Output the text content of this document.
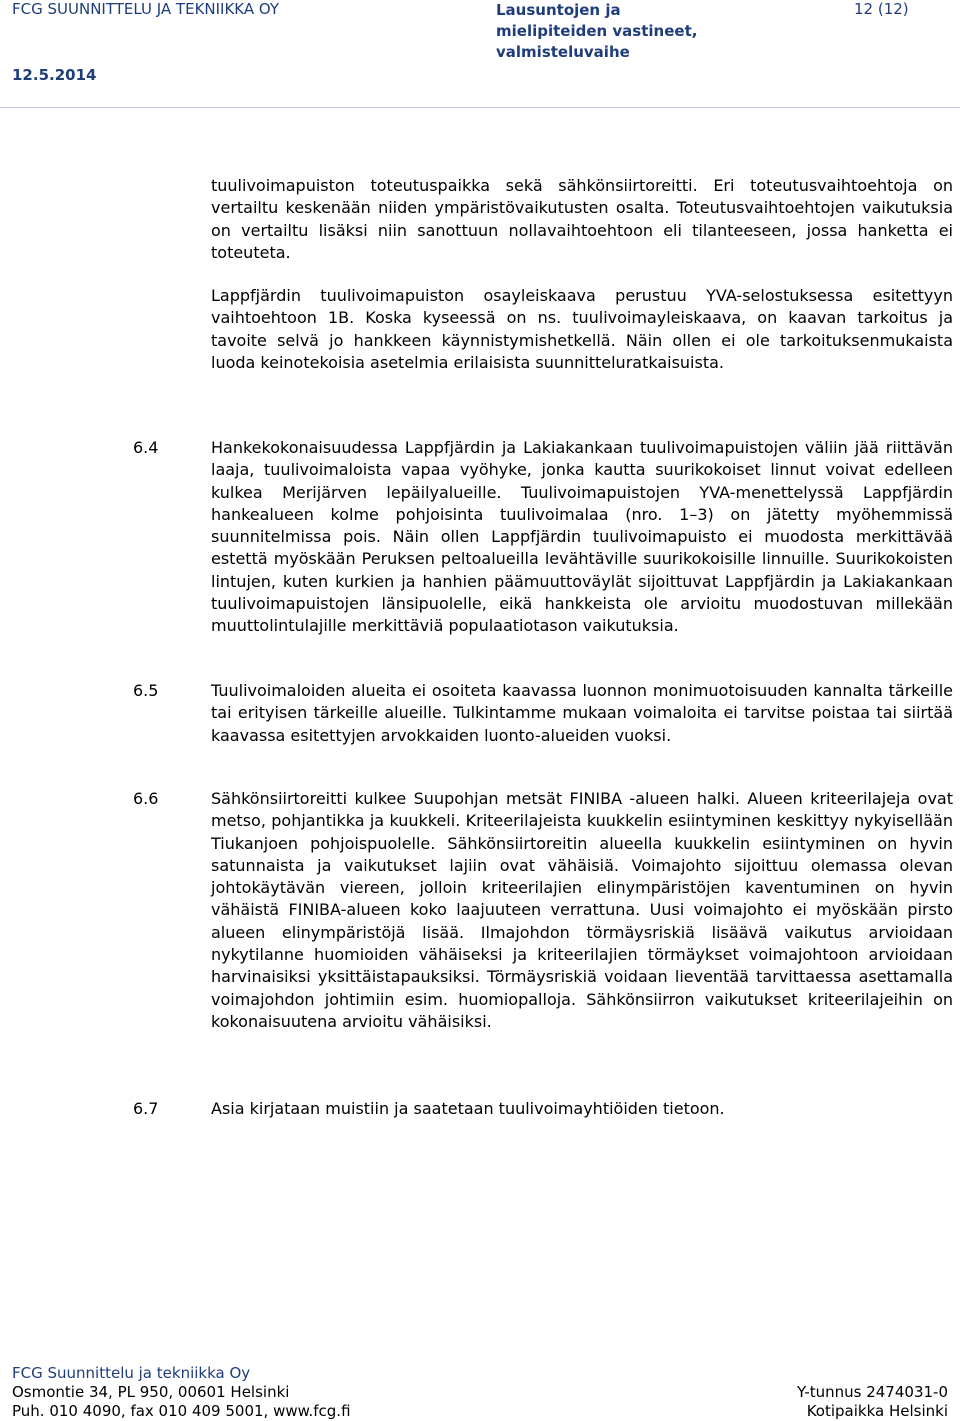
FCG SUUNNITTELU JA TEKNIIKKA OY	Lausuntojen ja
mielipiteiden vastineet,
valmisteluvaihe
12 (12)
12.5.2014
tuulivoimapuiston toteutuspaikka sekä sähkönsiirtoreitti. Eri toteutusvaihtoehtoja on vertailtu keskenään niiden ympäristövaikutusten osalta. Toteutusvaihtoehtojen vaikutuksia on vertailtu lisäksi niin sanottuun nollavaihtoehtoon eli tilanteeseen, jossa hanketta ei toteuteta.
Lappfjärdin tuulivoimapuiston osayleiskaava perustuu YVA-selostuksessa esitettyyn vaihtoehtoon 1B. Koska kyseessä on ns. tuulivoimayleiskaava, on kaavan tarkoitus ja tavoite selvä jo hankkeen käynnistymishetkellä. Näin ollen ei ole tarkoituksenmukaista luoda keinotekoisia asetelmia erilaisista suunnitteluratkaisuista.
6.4	Hankekokonaisuudessa Lappfjärdin ja Lakiakankaan tuulivoimapuistojen väliin jää riittävän laaja, tuulivoimaloista vapaa vyöhyke, jonka kautta suurikokoiset linnut voivat edelleen kulkea Merijärven lepäilyalueille. Tuulivoimapuistojen YVA-menettelyssä Lappfjärdin hankealueen kolme pohjoisinta tuulivoimalaa (nro. 1–3) on jätetty myöhemmissä suunnitelmissa pois. Näin ollen Lappfjärdin tuulivoimapuisto ei muodosta merkittävää estettä myöskään Peruksen peltoalueilla levähtäville suurikokoisille linnuille. Suurikokoisten lintujen, kuten kurkien ja hanhien päämuuttoväylät sijoittuvat Lappfjärdin ja Lakiakankaan tuulivoimapuistojen länsipuolelle, eikä hankkeista ole arvioitu muodostuvan millekään muuttolintulajille merkittäviä populaatiotason vaikutuksia.
6.5	Tuulivoimaloiden alueita ei osoiteta kaavassa luonnon monimuotoisuuden kannalta tärkeille tai erityisen tärkeille alueille. Tulkintamme mukaan voimaloita ei tarvitse poistaa tai siirtää kaavassa esitettyjen arvokkaiden luonto-alueiden vuoksi.
6.6	Sähkönsiirtoreitti kulkee Suupohjan metsät FINIBA -alueen halki. Alueen kriteerilajeja ovat metso, pohjantikka ja kuukkeli. Kriteerilajeista kuukkelin esiintyminen keskittyy nykyisellään Tiukanjoen pohjoispuolelle. Sähkönsiirtoreitin alueella kuukkelin esiintyminen on hyvin satunnaista ja vaikutukset lajiin ovat vähäisiä. Voimajohto sijoittuu olemassa olevan johtokäytävän viereen, jolloin kriteerilajien elinympäristöjen kaventuminen on hyvin vähäistä FINIBA-alueen koko laajuuteen verrattuna. Uusi voimajohto ei myöskään pirsto alueen elinympäristöjä lisää. Ilmajohdon törmäysriskiä lisäävä vaikutus arvioidaan nykytilanne huomioiden vähäiseksi ja kriteerilajien törmäykset voimajohtoon arvioidaan harvinaisiksi yksittäistapauksiksi. Törmäysriskiä voidaan lieventää tarvittaessa asettamalla voimajohdon johtimiin esim. huomiopalloja. Sähkönsiirron vaikutukset kriteerilajeihin on kokonaisuutena arvioitu vähäisiksi.
6.7	Asia kirjataan muistiin ja saatetaan tuulivoimayhtiöiden tietoon.
FCG Suunnittelu ja tekniikka Oy
Osmontie 34, PL 950, 00601 Helsinki
Puh. 010 4090, fax 010 409 5001, www.fcg.fi
Y-tunnus 2474031-0
Kotipaikka Helsinki
